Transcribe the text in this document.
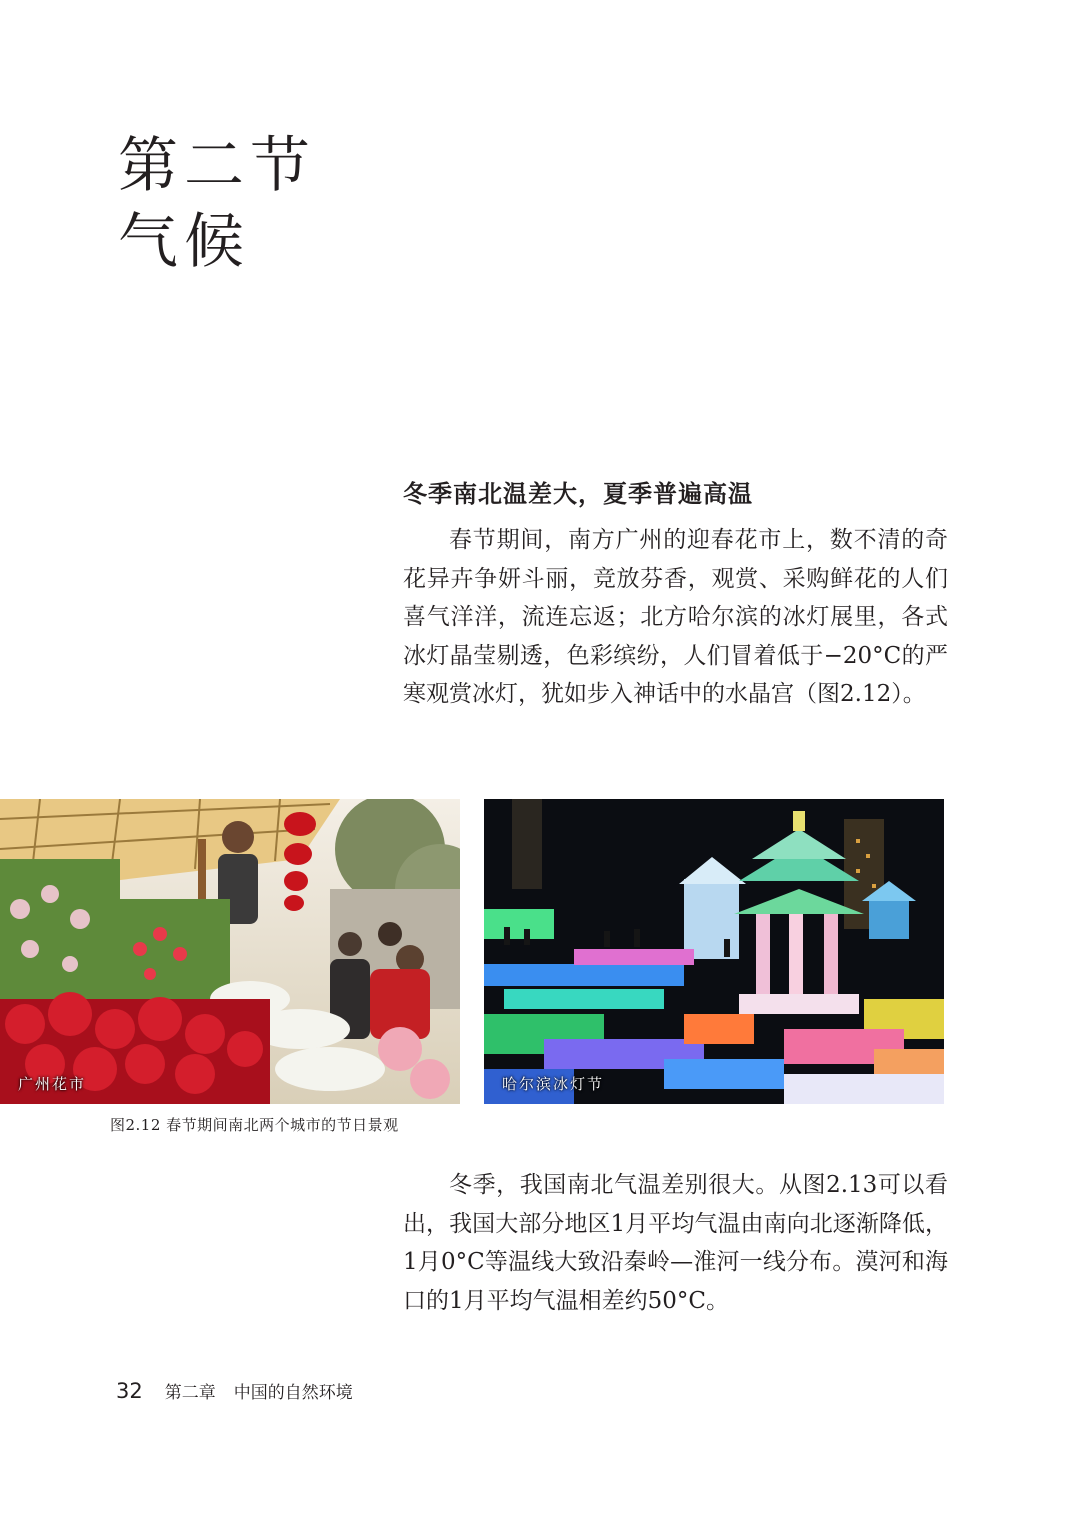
第二节
气候
冬季南北温差大，夏季普遍高温

春节期间，南方广州的迎春花市上，数不清的奇花异卉争妍斗丽，竞放芬香，观赏、采购鲜花的人们喜气洋洋，流连忘返；北方哈尔滨的冰灯展里，各式冰灯晶莹剔透，色彩缤纷，人们冒着低于−20°C的严寒观赏冰灯，犹如步入神话中的水晶宫（图2.12）。

广州花市	哈尔滨冰灯节
图2.12 春节期间南北两个城市的节日景观

冬季，我国南北气温差别很大。从图2.13可以看出，我国大部分地区1月平均气温由南向北逐渐降低，1月0°C等温线大致沿秦岭—淮河一线分布。漠河和海口的1月平均气温相差约50°C。

32 第二章 中国的自然环境
